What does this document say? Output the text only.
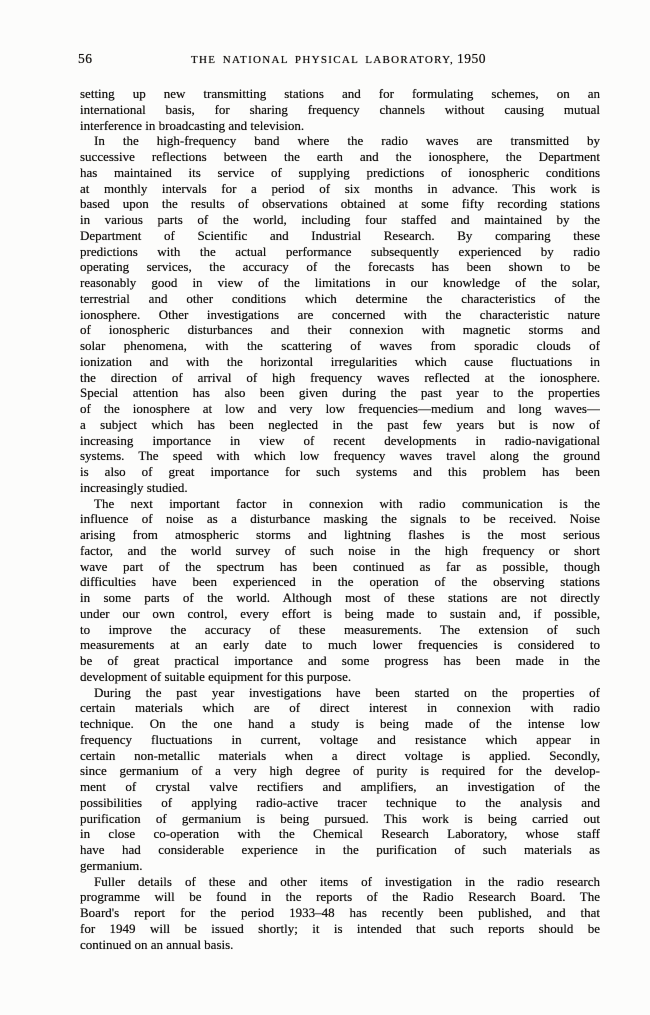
56	THE NATIONAL PHYSICAL LABORATORY, 1950
setting up new transmitting stations and for formulating schemes, on an
international basis, for sharing frequency channels without causing mutual
interference in broadcasting and television.
In the high-frequency band where the radio waves are transmitted by
successive reflections between the earth and the ionosphere, the Department
has maintained its service of supplying predictions of ionospheric conditions
at monthly intervals for a period of six months in advance. This work is
based upon the results of observations obtained at some fifty recording stations
in various parts of the world, including four staffed and maintained by the
Department of Scientific and Industrial Research. By comparing these
predictions with the actual performance subsequently experienced by radio
operating services, the accuracy of the forecasts has been shown to be
reasonably good in view of the limitations in our knowledge of the solar,
terrestrial and other conditions which determine the characteristics of the
ionosphere. Other investigations are concerned with the characteristic nature
of ionospheric disturbances and their connexion with magnetic storms and
solar phenomena, with the scattering of waves from sporadic clouds of
ionization and with the horizontal irregularities which cause fluctuations in
the direction of arrival of high frequency waves reflected at the ionosphere.
Special attention has also been given during the past year to the properties
of the ionosphere at low and very low frequencies—medium and long waves—
a subject which has been neglected in the past few years but is now of
increasing importance in view of recent developments in radio-navigational
systems. The speed with which low frequency waves travel along the ground
is also of great importance for such systems and this problem has been
increasingly studied.
The next important factor in connexion with radio communication is the
influence of noise as a disturbance masking the signals to be received. Noise
arising from atmospheric storms and lightning flashes is the most serious
factor, and the world survey of such noise in the high frequency or short
wave part of the spectrum has been continued as far as possible, though
difficulties have been experienced in the operation of the observing stations
in some parts of the world. Although most of these stations are not directly
under our own control, every effort is being made to sustain and, if possible,
to improve the accuracy of these measurements. The extension of such
measurements at an early date to much lower frequencies is considered to
be of great practical importance and some progress has been made in the
development of suitable equipment for this purpose.
During the past year investigations have been started on the properties of
certain materials which are of direct interest in connexion with radio
technique. On the one hand a study is being made of the intense low
frequency fluctuations in current, voltage and resistance which appear in
certain non-metallic materials when a direct voltage is applied. Secondly,
since germanium of a very high degree of purity is required for the develop-
ment of crystal valve rectifiers and amplifiers, an investigation of the
possibilities of applying radio-active tracer technique to the analysis and
purification of germanium is being pursued. This work is being carried out
in close co-operation with the Chemical Research Laboratory, whose staff
have had considerable experience in the purification of such materials as
germanium.
Fuller details of these and other items of investigation in the radio research
programme will be found in the reports of the Radio Research Board. The
Board's report for the period 1933–48 has recently been published, and that
for 1949 will be issued shortly; it is intended that such reports should be
continued on an annual basis.
